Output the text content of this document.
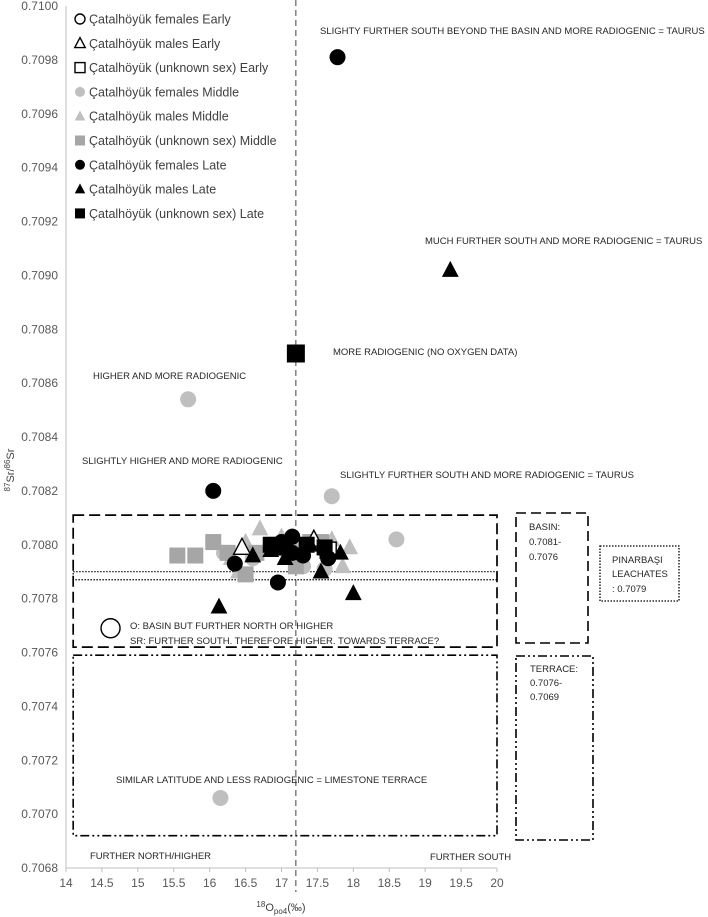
0.7068
0.7070
0.7072
0.7074
0.7076
0.7078
0.7080
0.7082
0.7084
0.7086
0.7088
0.7090
0.7092
0.7094
0.7096
0.7098
0.7100
14 14.5 15 15.5 16 16.5 17 17.5 18 18.5 19 19.5 20
Çatalhöyük females Early
Çatalhöyük males Early
Çatalhöyük (unknown sex) Early
Çatalhöyük females Middle
Çatalhöyük males Middle
Çatalhöyük (unknown sex) Middle
Çatalhöyük females Late
Çatalhöyük males Late
Çatalhöyük (unknown sex) Late
SLIGHTY FURTHER SOUTH BEYOND THE BASIN AND MORE RADIOGENIC = TAURUS
MUCH FURTHER SOUTH AND MORE RADIOGENIC = TAURUS
MORE RADIOGENIC (NO OXYGEN DATA)
HIGHER AND MORE RADIOGENIC
SLIGHTLY HIGHER AND MORE RADIOGENIC
SLIGHTLY FURTHER SOUTH AND MORE RADIOGENIC = TAURUS
O: BASIN BUT FURTHER NORTH OR HIGHER
SR: FURTHER SOUTH. THEREFORE HIGHER. TOWARDS TERRACE?
SIMILAR LATITUDE AND LESS RADIOGENIC = LIMESTONE TERRACE
FURTHER NORTH/HIGHER	FURTHER SOUTH
BASIN:
0.7081-
0.7076	PINARBAŞI
LEACHATES
: 0.7079
TERRACE:
0.7076-
0.7069
$^{87}$Sr/$^{86}$Sr
$^{18}O_{po4}(‰)$
